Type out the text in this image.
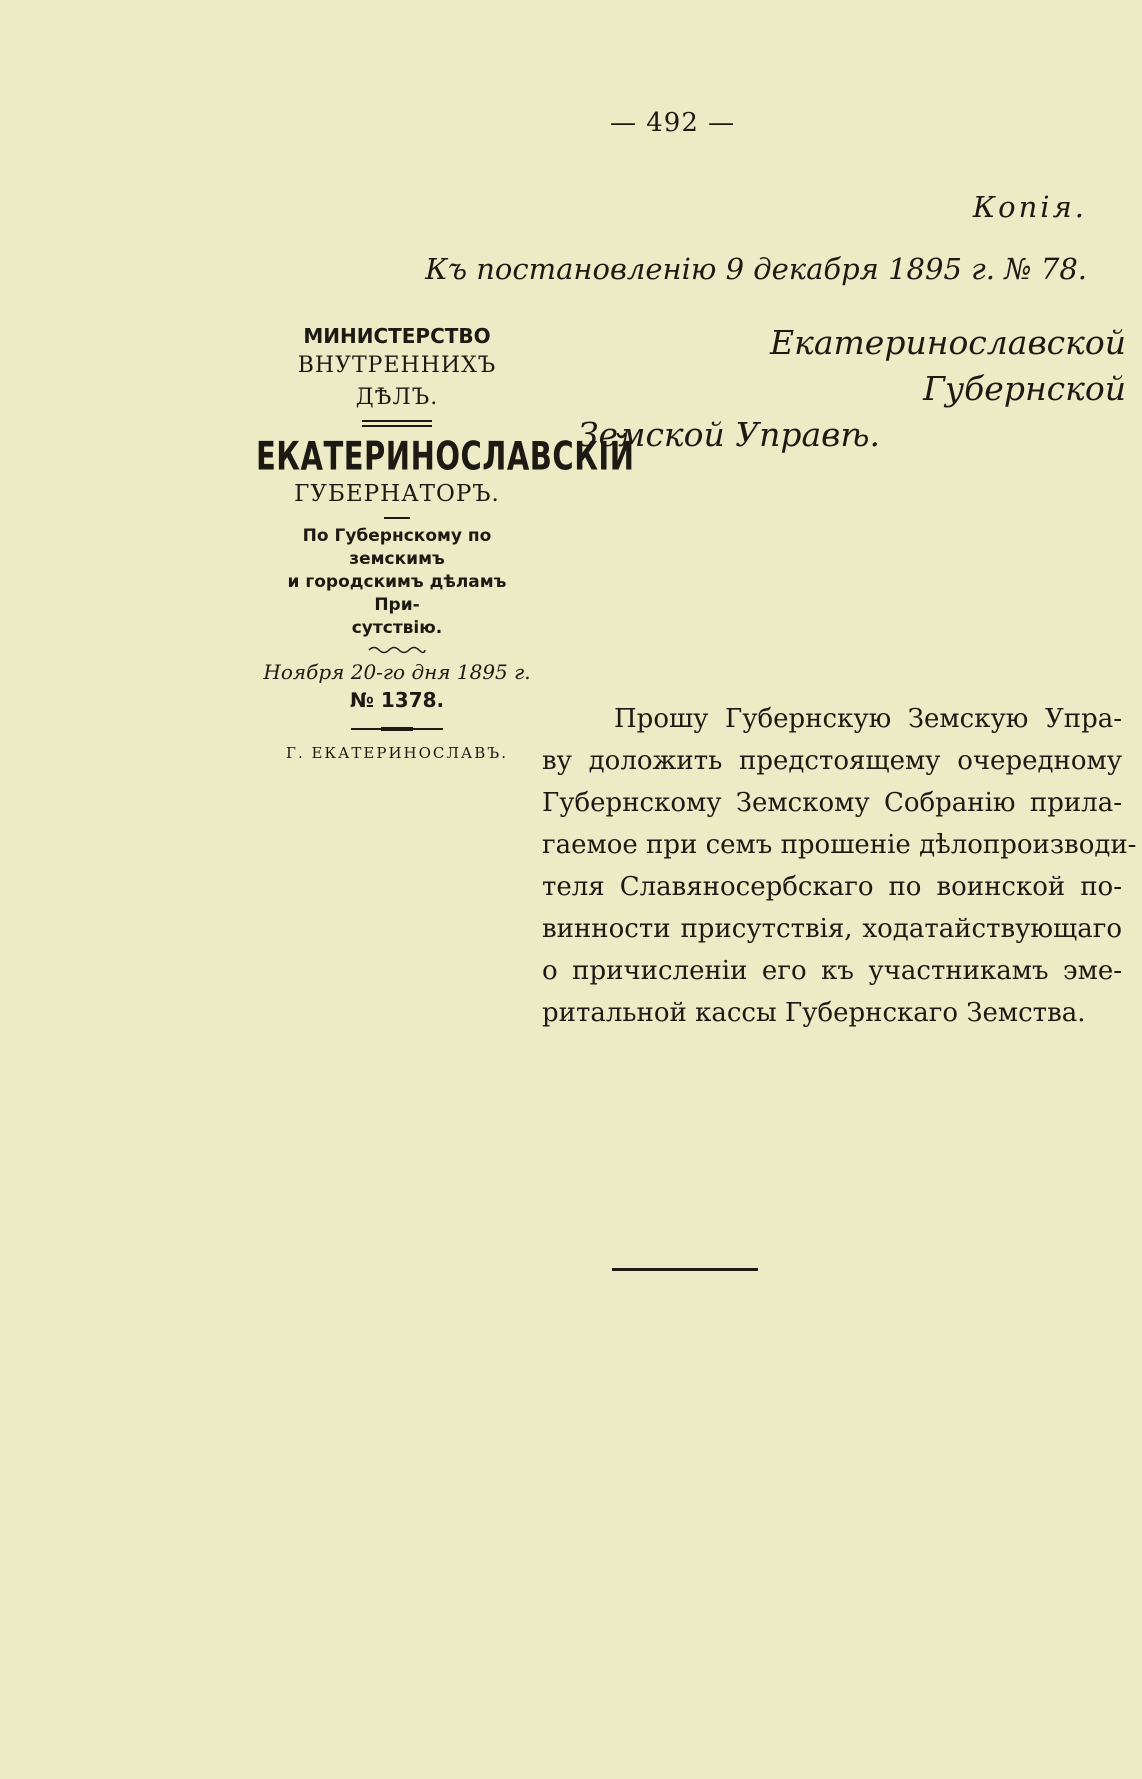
— 492 —
Копія.
Къ постановленію 9 декабря 1895 г. № 78.

МИНИСТЕРСТВО

ВНУТРЕННИХЪ ДѢЛЪ.

ЕКАТЕРИНОСЛАВСКІЙ

ГУБЕРНАТОРЪ.

По Губернскому по земскимъ

и городскимъ дѣламъ При-

сутствію.

Ноября 20-го дня 1895 г.

№ 1378.

Г. ЕКАТЕРИНОСЛАВЪ.

Екатеринославской Губернской
Земской Управѣ.
Прошу Губернскую Земскую Упра-
ву доложить предстоящему очередному
Губернскому Земскому Собранію прила-
гаемое при семъ прошеніе дѣлопроизводи-
теля Славяносербскаго по воинской по-
винности присутствія, ходатайствующаго
о причисленіи его къ участникамъ эме-
ритальной кассы Губернскаго Земства.
